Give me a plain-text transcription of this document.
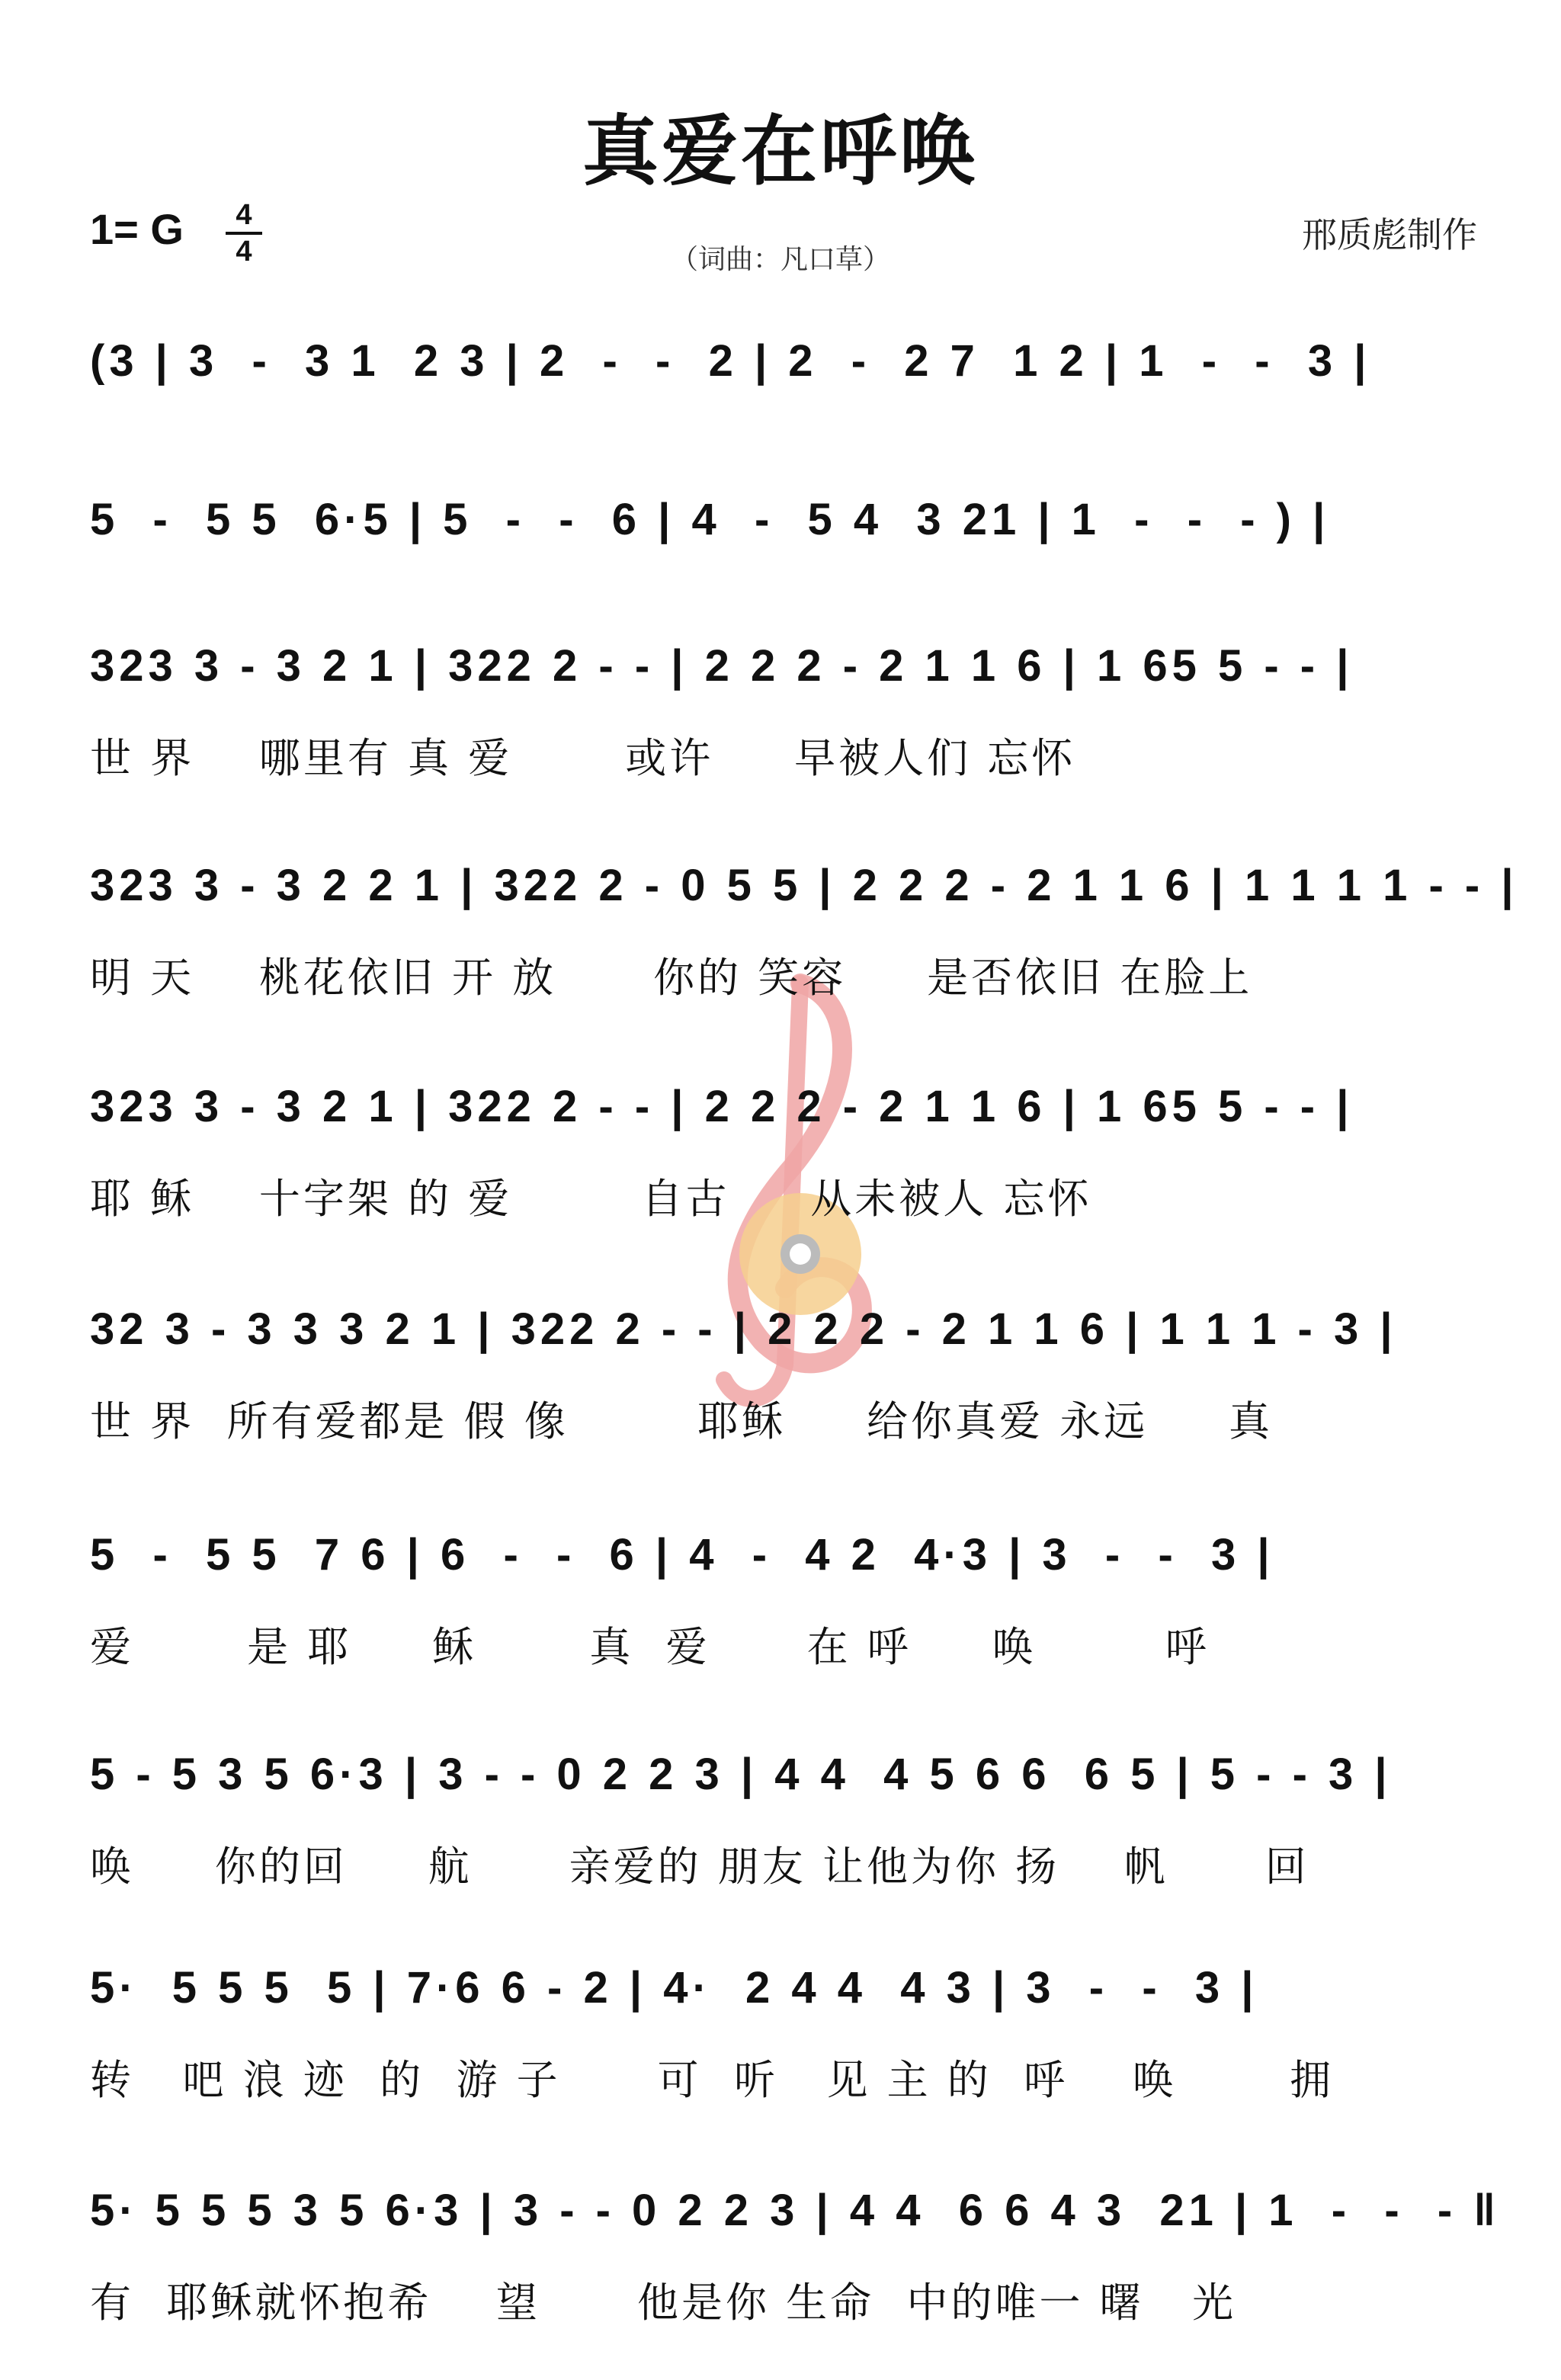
真爱在呼唤
1= G	4
4	（词曲：凡口草）
邢质彪制作
(3 | 3  -  3 1  2 3 | 2  -  -  2 | 2  -  2 7  1 2 | 1  -  -  3 |
5  -  5 5  6·5 | 5  -  -  6 | 4  -  5 4  3 21 | 1  -  -  - ) |
323 3 - 3 2 1 | 322 2 - - | 2 2 2 - 2 1 1 6 | 1 65 5 - - |
世 界    哪里有 真 爱       或许     早被人们 忘怀
323 3 - 3 2 2 1 | 322 2 - 0 5 5 | 2 2 2 - 2 1 1 6 | 1 1 1 1 - - |
明 天    桃花依旧 开 放      你的 笑容     是否依旧 在脸上
323 3 - 3 2 1 | 322 2 - - | 2 2 2 - 2 1 1 6 | 1 65 5 - - |
耶 稣    十字架 的 爱        自古     从未被人 忘怀
32 3 - 3 3 3 2 1 | 322 2 - - | 2 2 2 - 2 1 1 6 | 1 1 1 - 3 |
世 界  所有爱都是 假 像        耶稣     给你真爱 永远     真
5  -  5 5  7 6 | 6  -  -  6 | 4  -  4 2  4·3 | 3  -  -  3 |
爱       是 耶     稣       真  爱      在 呼     唤        呼
5 - 5 3 5 6·3 | 3 - - 0 2 2 3 | 4 4  4 5 6 6  6 5 | 5 - - 3 |
唤     你的回     航      亲爱的 朋友 让他为你 扬    帆      回
5·  5 5 5  5 | 7·6 6 - 2 | 4·  2 4 4  4 3 | 3  -  -  3 |
转   吧 浪 迹  的  游 子      可  听   见 主 的  呼    唤       拥
5· 5 5 5 3 5 6·3 | 3 - - 0 2 2 3 | 4 4  6 6 4 3  21 | 1  -  -  - ‖
有  耶稣就怀抱希    望      他是你 生命  中的唯一 曙   光
